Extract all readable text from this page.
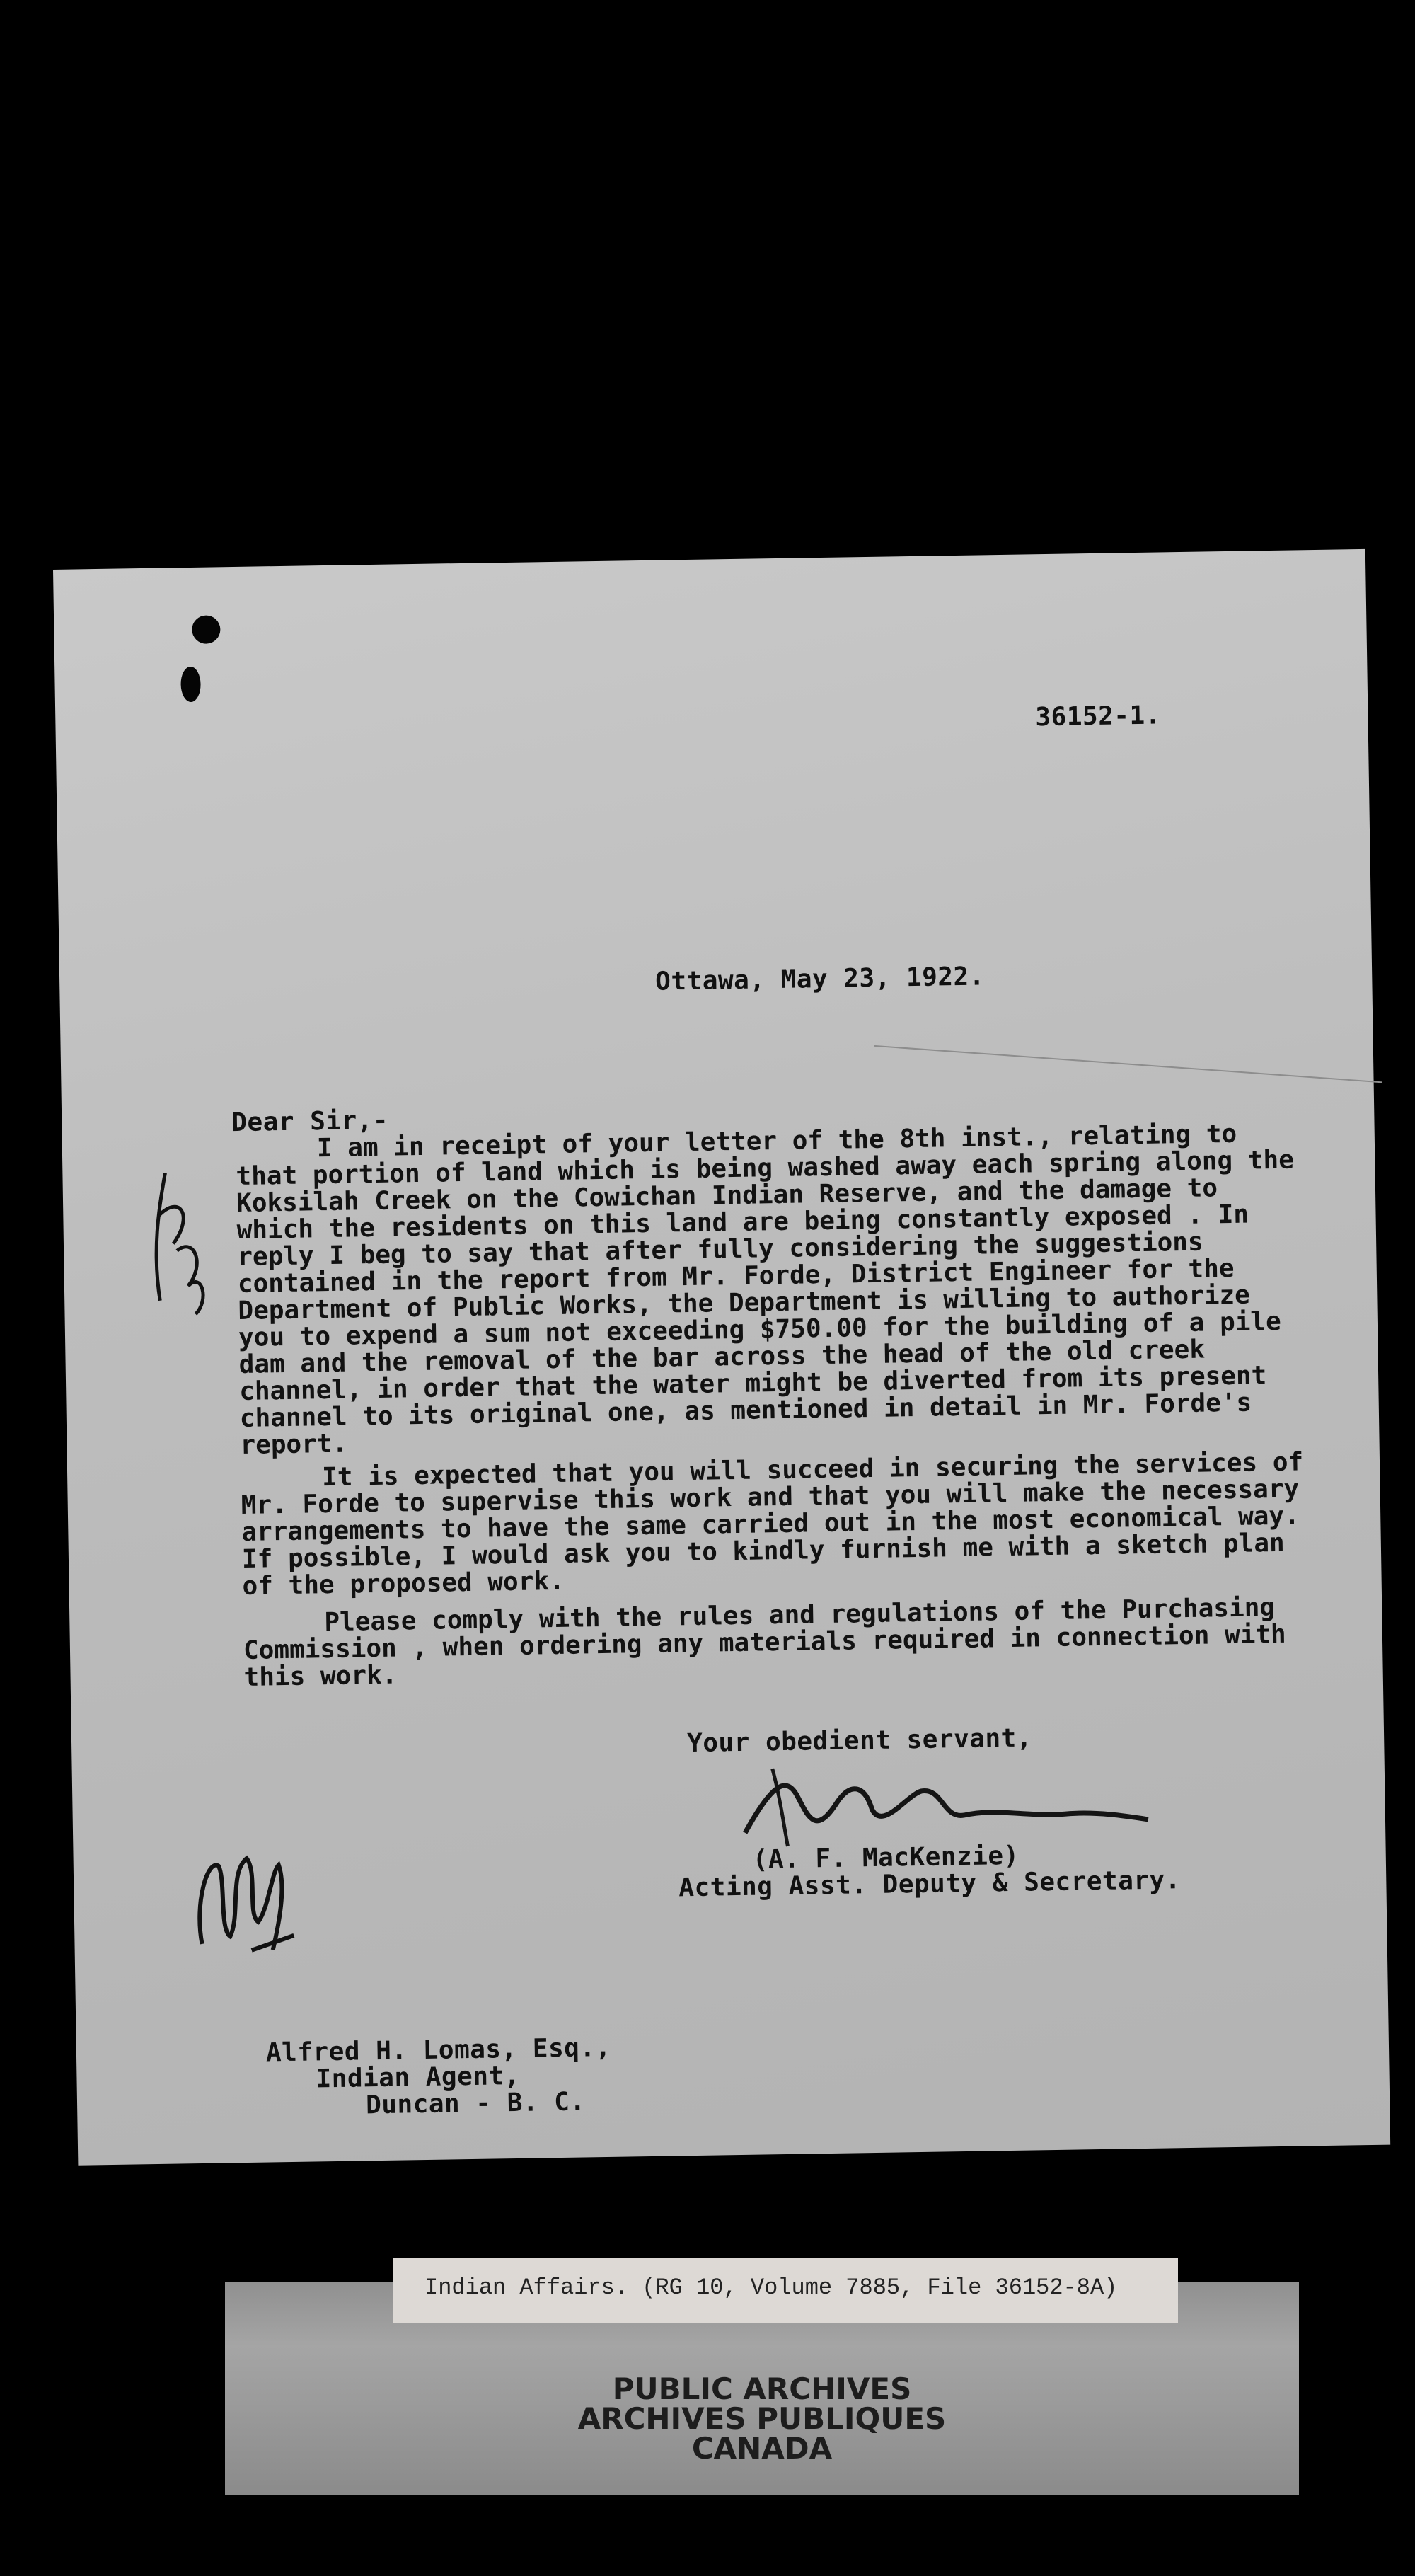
36152-1.
Ottawa, May 23, 1922.
Dear Sir,-
I am in receipt of your letter of the 8th inst., relating to that portion of land which is being washed away each spring along the Koksilah Creek on the Cowichan Indian Reserve, and the damage to which the residents on this land are being constantly exposed . In reply I beg to say that after fully considering the suggestions contained in the report from Mr. Forde, District Engineer for the Department of Public Works, the Department is willing to authorize you to expend a sum not exceeding $750.00 for the building of a pile dam and the removal of the bar across the head of the old creek channel, in order that the water might be diverted from its present channel to its original one, as mentioned in detail in Mr. Forde's report.
It is expected that you will succeed in securing the services of Mr. Forde to supervise this work and that you will make the necessary arrangements to have the same carried out in the most economical way. If possible, I would ask you to kindly furnish me with a sketch plan of the proposed work.
Please comply with the rules and regulations of the Purchasing Commission , when ordering any materials required in connection with this work.
Your obedient servant,
(A. F. MacKenzie)
Acting Asst. Deputy & Secretary.
Alfred H. Lomas, Esq.,
Indian Agent,
Duncan - B. C.
PUBLIC ARCHIVES
ARCHIVES PUBLIQUES
CANADA
Indian Affairs. (RG 10, Volume 7885, File 36152-8A)
